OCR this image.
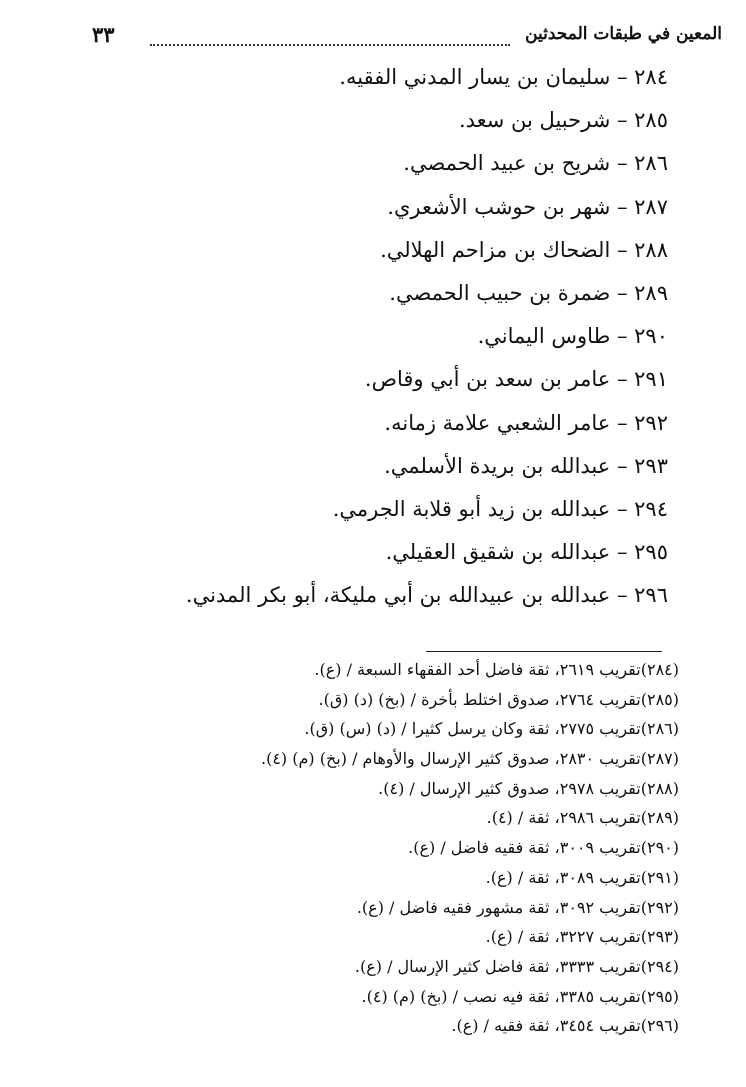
المعين في طبقات المحدثين
٣٣
٢٨٤ – سليمان بن يسار المدني الفقيه.
٢٨٥ – شرحبيل بن سعد.
٢٨٦ – شريح بن عبيد الحمصي.
٢٨٧ – شهر بن حوشب الأشعري.
٢٨٨ – الضحاك بن مزاحم الهلالي.
٢٨٩ – ضمرة بن حبيب الحمصي.
٢٩٠ – طاوس اليماني.
٢٩١ – عامر بن سعد بن أبي وقاص.
٢٩٢ – عامر الشعبي علامة زمانه.
٢٩٣ – عبدالله بن بريدة الأسلمي.
٢٩٤ – عبدالله بن زيد أبو قلابة الجرمي.
٢٩٥ – عبدالله بن شقيق العقيلي.
٢٩٦ – عبدالله بن عبيدالله بن أبي مليكة، أبو بكر المدني.
(٢٨٤)تقريب ٢٦١٩، ثقة فاضل أحد الفقهاء السبعة / (ع).
(٢٨٥)تقريب ٢٧٦٤، صدوق اختلط بأخرة / (بخ) (د) (ق).
(٢٨٦)تقريب ٢٧٧٥، ثقة وكان يرسل كثيرا / (د) (س) (ق).
(٢٨٧)تقريب ٢٨٣٠، صدوق كثير الإرسال والأوهام / (بخ) (م) (٤).
(٢٨٨)تقريب ٢٩٧٨، صدوق كثير الإرسال / (٤).
(٢٨٩)تقريب ٢٩٨٦، ثقة / (٤).
(٢٩٠)تقريب ٣٠٠٩، ثقة فقيه فاضل / (ع).
(٢٩١)تقريب ٣٠٨٩، ثقة / (ع).
(٢٩٢)تقريب ٣٠٩٢، ثقة مشهور فقيه فاضل / (ع).
(٢٩٣)تقريب ٣٢٢٧، ثقة / (ع).
(٢٩٤)تقريب ٣٣٣٣، ثقة فاضل كثير الإرسال / (ع).
(٢٩٥)تقريب ٣٣٨٥، ثقة فيه نصب / (بخ) (م) (٤).
(٢٩٦)تقريب ٣٤٥٤، ثقة فقيه / (ع).
